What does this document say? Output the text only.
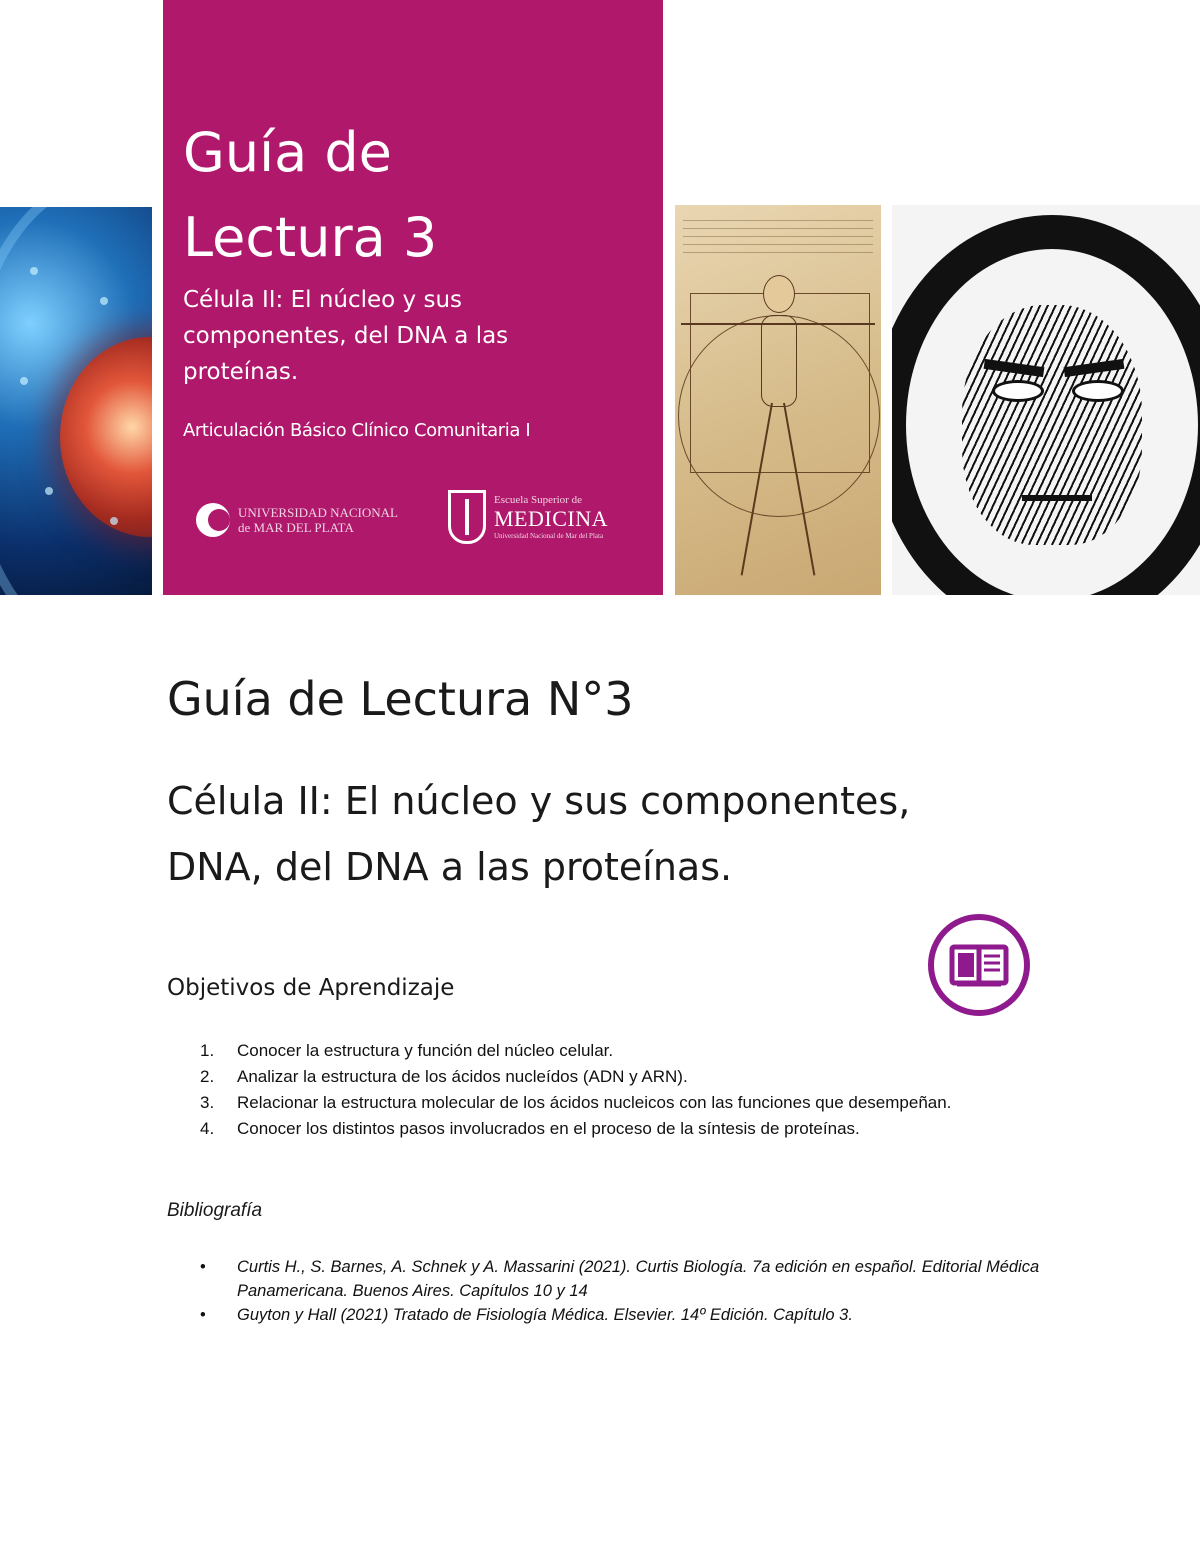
Guía de
Lectura 3
Célula II: El núcleo y sus componentes, del DNA a las proteínas.
Articulación Básico Clínico Comunitaria I
UNIVERSIDAD NACIONAL
de MAR DEL PLATA
Escuela Superior de
MEDICINA
Universidad Nacional de Mar del Plata
Guía de Lectura N°3
Célula II: El núcleo y sus componentes,
DNA, del DNA a las proteínas.
Objetivos de Aprendizaje
1.	Conocer la estructura y función del núcleo celular.
2.	Analizar la estructura de los ácidos nucleídos (ADN y ARN).
3.	Relacionar la estructura molecular de los ácidos nucleicos con las funciones que desempeñan.
4.	Conocer los distintos pasos involucrados en el proceso de la síntesis de proteínas.
Bibliografía
•	Curtis H., S. Barnes, A. Schnek y A. Massarini (2021). Curtis Biología. 7a edición en español. Editorial Médica Panamericana. Buenos Aires. Capítulos 10 y 14
•	Guyton y Hall (2021) Tratado de Fisiología Médica. Elsevier. 14º Edición. Capítulo 3.
